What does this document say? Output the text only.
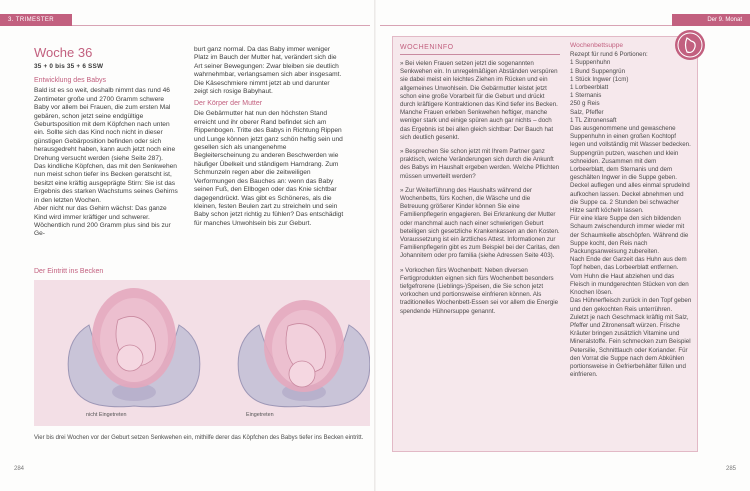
3. TRIMESTER	Der 9. Monat
Woche 36
35 + 0 bis 35 + 6 SSW
Entwicklung des Babys

Bald ist es so weit, deshalb nimmt das rund 46 Zentimeter große und 2700 Gramm schwere Baby vor allem bei Frauen, die zum ersten Mal gebären, schon jetzt seine endgültige Geburtsposition mit dem Köpfchen nach unten ein. Sollte sich das Kind noch nicht in dieser günstigen Gebärposition befinden oder sich herausgedreht haben, kann auch jetzt noch eine Drehung versucht werden (siehe Seite 287).

Das kindliche Köpfchen, das mit den Senkwehen nun meist schon tiefer ins Becken geratscht ist, besitzt eine kräftig ausgeprägte Stirn: Sie ist das Ergebnis des starken Wachstums seines Gehirns in den letzten Wochen.

Aber nicht nur das Gehirn wächst: Das ganze Kind wird immer kräftiger und schwerer. Wöchentlich rund 200 Gramm plus sind bis zur Ge-

burt ganz normal. Da das Baby immer weniger Platz im Bauch der Mutter hat, verändert sich die Art seiner Bewegungen: Zwar bleiben sie deutlich wahrnehmbar, verlangsamen sich aber insgesamt. Die Käseschmiere nimmt jetzt ab und darunter zeigt sich rosige Babyhaut.

Der Körper der Mutter

Die Gebärmutter hat nun den höchsten Stand erreicht und ihr oberer Rand befindet sich am Rippenbogen. Tritte des Babys in Richtung Rippen und Lunge können jetzt ganz schön heftig sein und gesellen sich als unangenehme Begleiterscheinung zu anderen Beschwerden wie häufiger Übelkeit und ständigem Harndrang. Zum Schmunzeln regen aber die zeitweiligen Verformungen des Bauches an: wenn das Baby seinen Fuß, den Ellbogen oder das Knie sichtbar dagegendrückt. Was gibt es Schöneres, als die kleinen, festen Beulen zart zu streicheln und sein Baby schon jetzt richtig zu fühlen? Das entschädigt für manches Unwohlsein bis zur Geburt.

Der Eintritt ins Becken
nicht Eingetreten	Eingetreten
Vier bis drei Wochen vor der Geburt setzen Senkwehen ein, mithilfe derer das Köpfchen des Babys tiefer ins Becken eintritt.
284
WOCHENINFO

» Bei vielen Frauen setzen jetzt die sogenannten Senkwehen ein. In unregelmäßigen Abständen verspüren sie dabei meist ein leichtes Ziehen im Rücken und ein allgemeines Unwohlsein. Die Gebärmutter leistet jetzt schon eine große Vorarbeit für die Geburt und drückt durch kräftigere Kontraktionen das Kind tiefer ins Becken. Manche Frauen erleben Senkwehen heftiger, manche weniger stark und einige spüren auch gar nichts – doch das Ergebnis ist bei allen gleich sichtbar: Der Bauch hat sich deutlich gesenkt.

» Besprechen Sie schon jetzt mit Ihrem Partner ganz praktisch, welche Veränderungen sich durch die Ankunft des Babys im Haushalt ergeben werden. Welche Pflichten müssen umverteilt werden?

» Zur Weiterführung des Haushalts während der Wochenbetts, fürs Kochen, die Wäsche und die Betreuung größerer Kinder können Sie eine Familienpflegerin engagieren. Bei Erkrankung der Mutter oder manchmal auch nach einer schwierigen Geburt beteiligen sich gesetzliche Krankenkassen an den Kosten. Voraussetzung ist ein ärztliches Attest. Informationen zur Familienpflegerin gibt es zum Beispiel bei der Caritas, den Johannitern oder pro familia (siehe Adressen Seite 403).

» Vorkochen fürs Wochenbett: Neben diversen Fertigprodukten eignen sich fürs Wochenbett besonders tiefgefrorene (Lieblings-)Speisen, die Sie schon jetzt vorkochen und portionsweise einfrieren können. Als traditionelles Wochenbett-Essen sei vor allem die Energie spendende Hühnersuppe genannt.

Wochenbettsuppe
Rezept für rund 6 Portionen:
1 Suppenhuhn
1 Bund Suppengrün
1 Stück Ingwer (1cm)
1 Lorbeerblatt
1 Sternanis
250 g Reis
Salz, Pfeffer
1 TL Zitronensaft

Das ausgenommene und gewaschene Suppenhuhn in einen großen Kochtopf legen und vollständig mit Wasser bedecken. Suppengrün putzen, waschen und klein schneiden. Zusammen mit dem Lorbeerblatt, dem Sternanis und dem geschälten Ingwer in die Suppe geben. Deckel auflegen und alles einmal sprudelnd aufkochen lassen. Deckel abnehmen und die Suppe ca. 2 Stunden bei schwacher Hitze sanft köcheln lassen.

Für eine klare Suppe den sich bildenden Schaum zwischendurch immer wieder mit der Schaumkelle abschöpfen. Während die Suppe kocht, den Reis nach Packungsanweisung zubereiten.

Nach Ende der Garzeit das Huhn aus dem Topf heben, das Lorbeerblatt entfernen. Vom Huhn die Haut abziehen und das Fleisch in mundgerechten Stücken von den Knochen lösen.

Das Hühnerfleisch zurück in den Topf geben und den gekochten Reis unterrühren. Zuletzt je nach Geschmack kräftig mit Salz, Pfeffer und Zitronensaft würzen. Frische Kräuter bringen zusätzlich Vitamine und Mineralstoffe. Fein schmecken zum Beispiel Petersilie, Schnittlauch oder Koriander. Für den Vorrat die Suppe nach dem Abkühlen portionsweise in Gefrierbehälter füllen und einfrieren.

285
